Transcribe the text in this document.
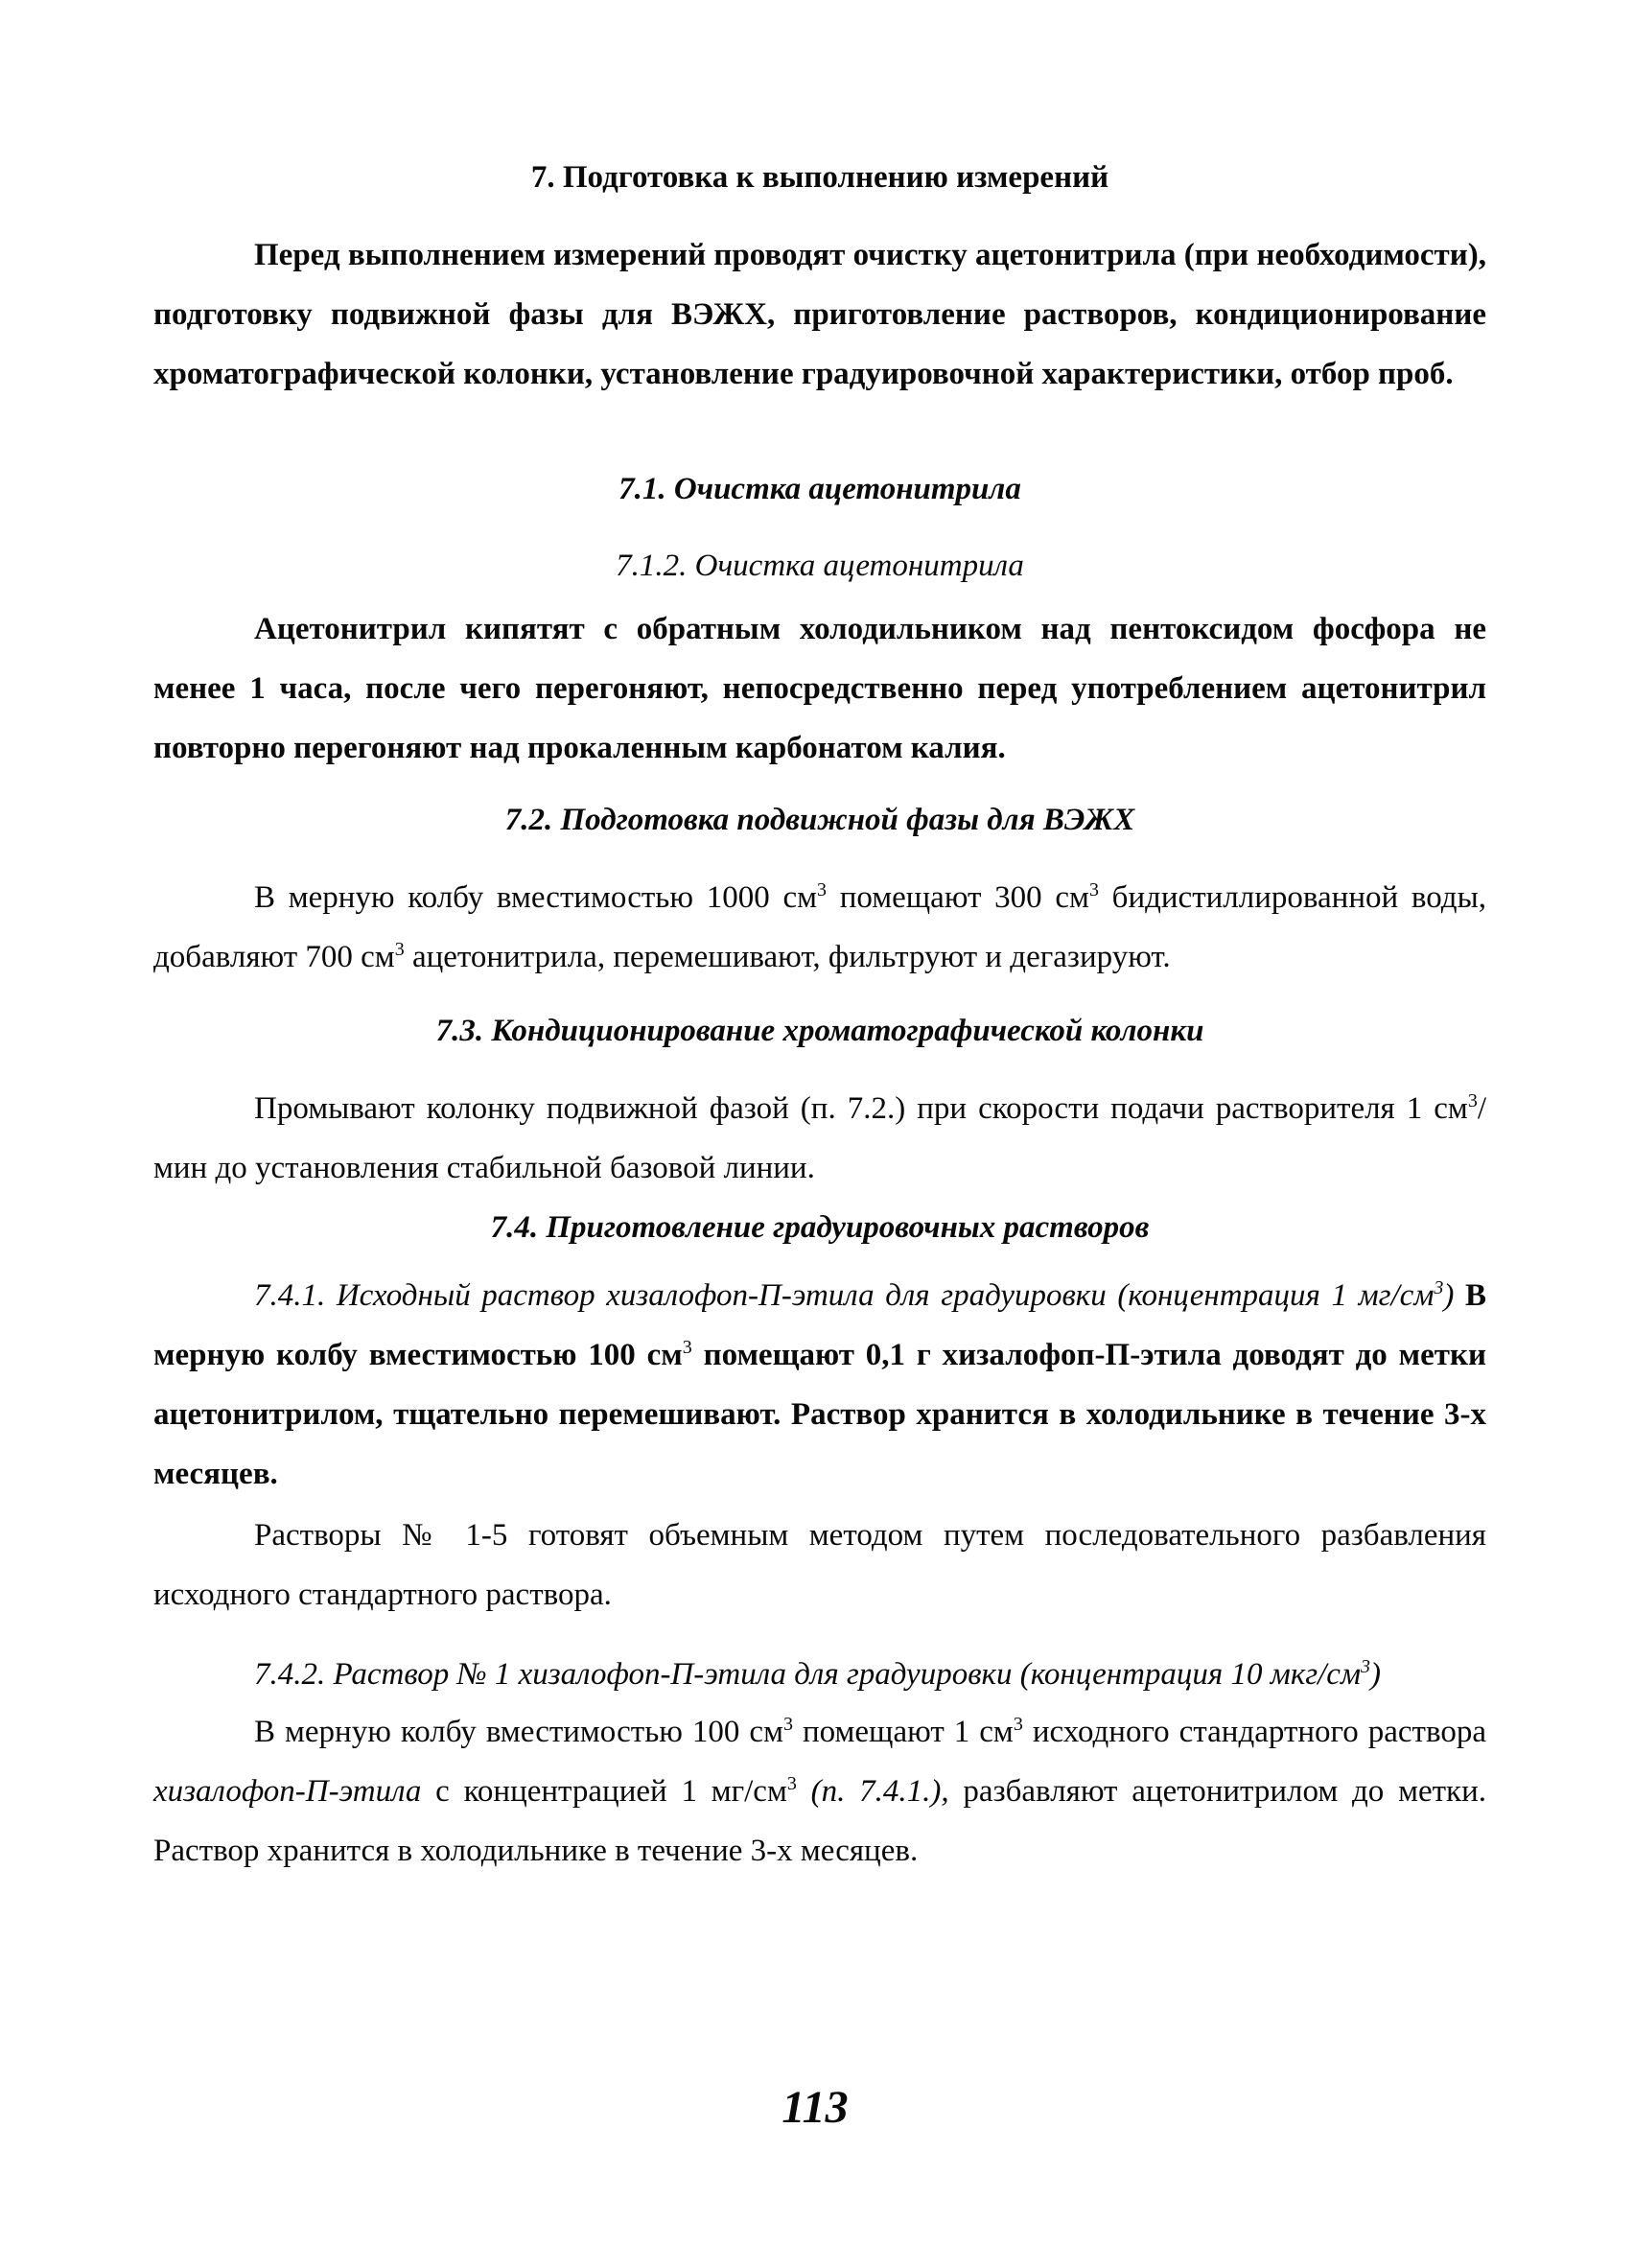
7. Подготовка к выполнению измерений
Перед выполнением измерений проводят очистку ацетонитрила (при необходимости), подготовку подвижной фазы для ВЭЖХ, приготовление растворов, кондиционирование хроматографической колонки, установление градуировочной характеристики, отбор проб.
7.1. Очистка ацетонитрила
7.1.2. Очистка ацетонитрила
Ацетонитрил кипятят с обратным холодильником над пентоксидом фосфора не менее 1 часа, после чего перегоняют, непосредственно перед употреблением ацетонитрил повторно перегоняют над прокаленным карбонатом калия.
7.2. Подготовка подвижной фазы для ВЭЖХ
В мерную колбу вместимостью 1000 $см^3$ помещают 300 $см^3$ бидистиллированной воды, добавляют 700 $см^3$ ацетонитрила, перемешивают, фильтруют и дегазируют.
7.3. Кондиционирование хроматографической колонки
Промывают колонку подвижной фазой (п. 7.2.) при скорости подачи растворителя 1 $см^3$/мин до установления стабильной базовой линии.
7.4. Приготовление градуировочных растворов
7.4.1. Исходный раствор хизалофоп-П-этила для градуировки (концентрация 1 $мг/см^3$) В мерную колбу вместимостью 100 $см^3$ помещают 0,1 г хизалофоп-П-этила доводят до метки ацетонитрилом, тщательно перемешивают. Раствор хранится в холодильнике в течение 3-х месяцев.
Растворы № 1-5 готовят объемным методом путем последовательного разбавления исходного стандартного раствора.
7.4.2. Раствор № 1 хизалофоп-П-этила для градуировки (концентрация 10 мкг/$см^3$)
В мерную колбу вместимостью 100 $см^3$ помещают 1 $см^3$ исходного стандартного раствора хизалофоп-П-этила с концентрацией 1 $мг/см^3$ (п. 7.4.1.), разбавляют ацетонитрилом до метки. Раствор хранится в холодильнике в течение 3-х месяцев.
113
